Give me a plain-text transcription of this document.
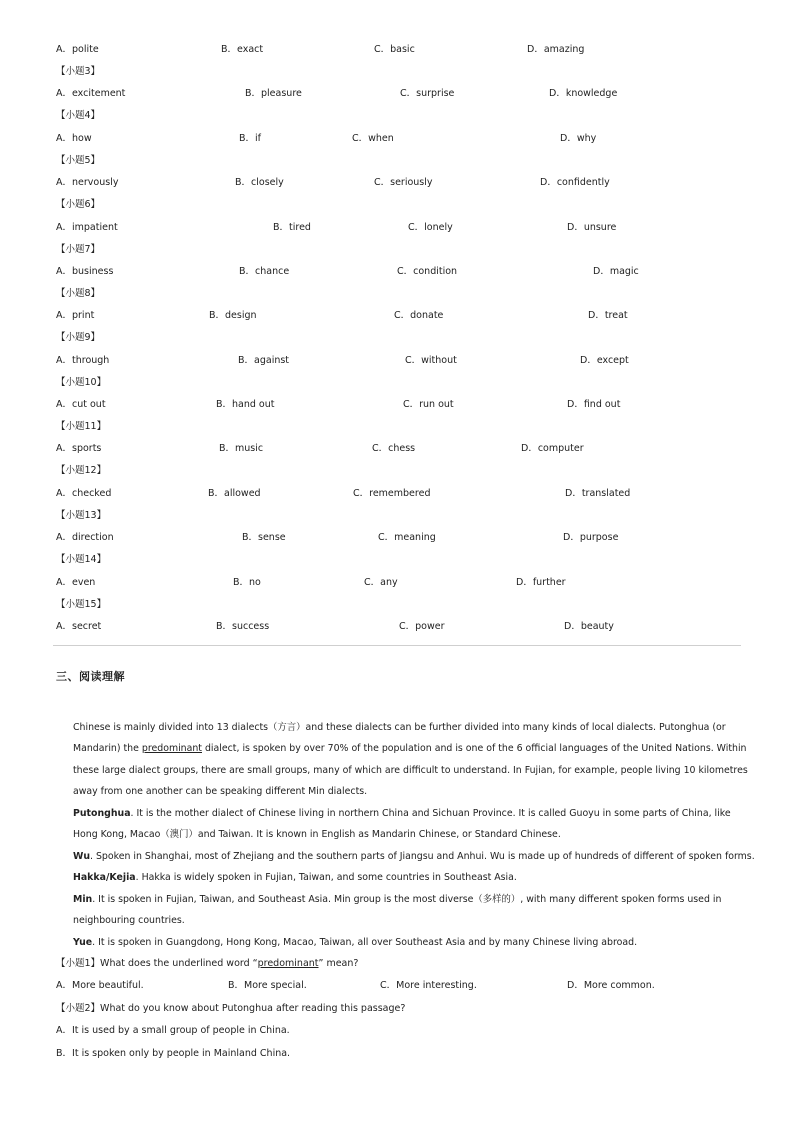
A．polite	B．exact	C．basic	D．amazing
【小题3】
A．excitement	B．pleasure	C．surprise	D．knowledge
【小题4】
A．how	B．if	C．when	D．why
【小题5】
A．nervously	B．closely	C．seriously	D．confidently
【小题6】
A．impatient	B．tired	C．lonely	D．unsure
【小题7】
A．business	B．chance	C．condition	D．magic
【小题8】
A．print	B．design	C．donate	D．treat
【小题9】
A．through	B．against	C．without	D．except
【小题10】
A．cut out	B．hand out	C．run out	D．find out
【小题11】
A．sports	B．music	C．chess	D．computer
【小题12】
A．checked	B．allowed	C．remembered	D．translated
【小题13】
A．direction	B．sense	C．meaning	D．purpose
【小题14】
A．even	B．no	C．any	D．further
【小题15】
A．secret	B．success	C．power	D．beauty
三、阅读理解
Chinese is mainly divided into 13 dialects（方言）and these dialects can be further divided into many kinds of local dialects. Putonghua (or Mandarin) the predominant dialect, is spoken by over 70% of the population and is one of the 6 official languages of the United Nations. Within these large dialect groups, there are small groups, many of which are difficult to understand. In Fujian, for example, people living 10 kilometres away from one another can be speaking different Min dialects.
Putonghua. It is the mother dialect of Chinese living in northern China and Sichuan Province. It is called Guoyu in some parts of China, like Hong Kong, Macao（澳门）and Taiwan. It is known in English as Mandarin Chinese, or Standard Chinese.
Wu. Spoken in Shanghai, most of Zhejiang and the southern parts of Jiangsu and Anhui. Wu is made up of hundreds of different of spoken forms.
Hakka/Kejia. Hakka is widely spoken in Fujian, Taiwan, and some countries in Southeast Asia.
Min. It is spoken in Fujian, Taiwan, and Southeast Asia. Min group is the most diverse（多样的）, with many different spoken forms used in neighbouring countries.
Yue. It is spoken in Guangdong, Hong Kong, Macao, Taiwan, all over Southeast Asia and by many Chinese living abroad.
【小题1】What does the underlined word “predominant” mean?
A．More beautiful.	B．More special.	C．More interesting.	D．More common.
【小题2】What do you know about Putonghua after reading this passage?
A．It is used by a small group of people in China.
B．It is spoken only by people in Mainland China.
